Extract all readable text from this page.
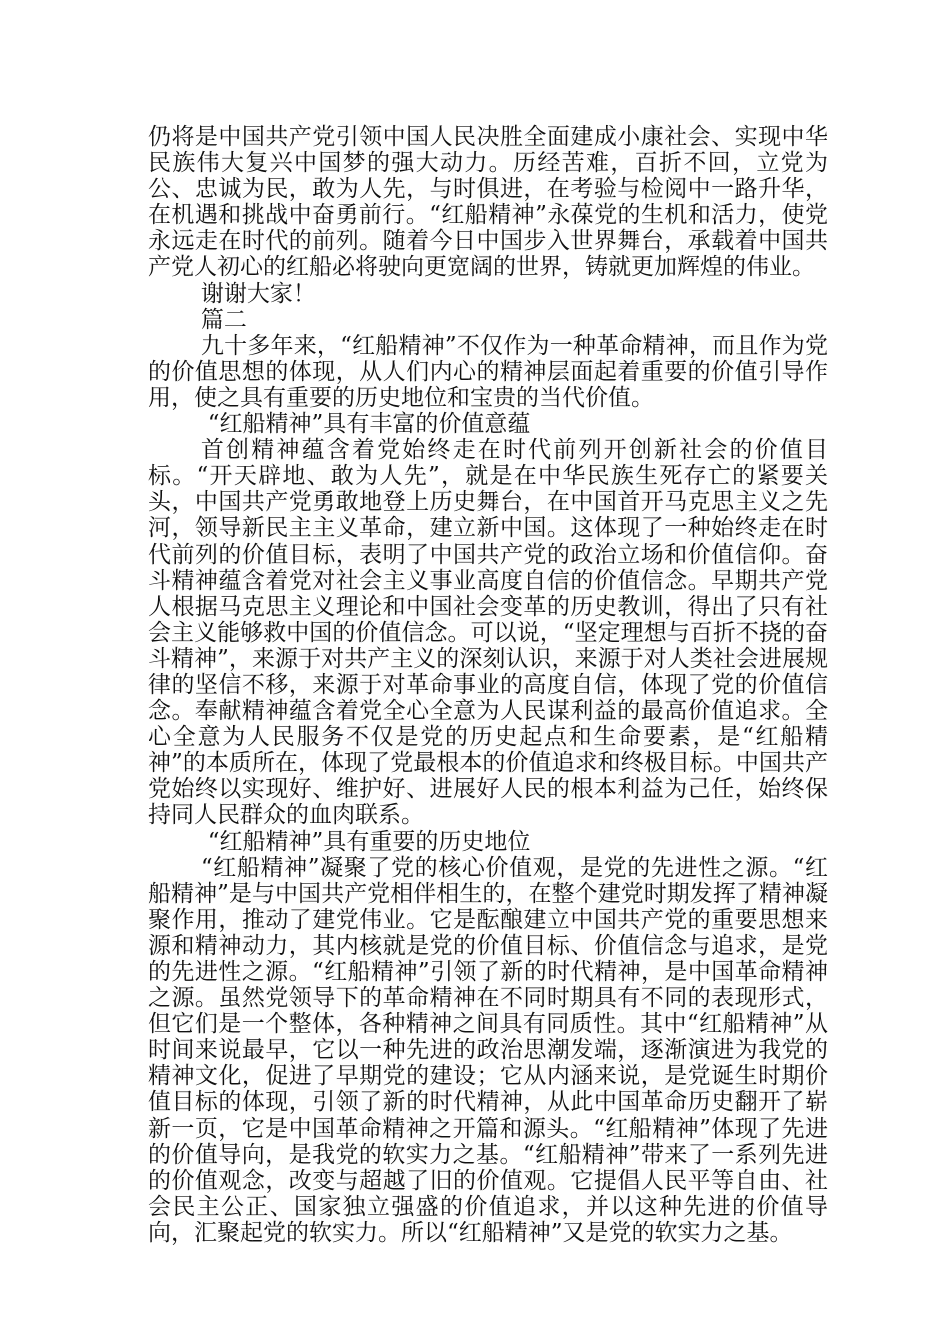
仍将是中国共产党引领中国人民决胜全面建成小康社会、实现中华民族伟大复兴中国梦的强大动力。历经苦难，百折不回，立党为公、忠诚为民，敢为人先，与时俱进，在考验与检阅中一路升华，在机遇和挑战中奋勇前行。“红船精神”永葆党的生机和活力，使党永远走在时代的前列。随着今日中国步入世界舞台，承载着中国共产党人初心的红船必将驶向更宽阔的世界，铸就更加辉煌的伟业。

谢谢大家！

篇二

九十多年来，“红船精神”不仅作为一种革命精神，而且作为党的价值思想的体现，从人们内心的精神层面起着重要的价值引导作用，使之具有重要的历史地位和宝贵的当代价值。

“红船精神”具有丰富的价值意蕴

首创精神蕴含着党始终走在时代前列开创新社会的价值目标。“开天辟地、敢为人先”，就是在中华民族生死存亡的紧要关头，中国共产党勇敢地登上历史舞台，在中国首开马克思主义之先河，领导新民主主义革命，建立新中国。这体现了一种始终走在时代前列的价值目标，表明了中国共产党的政治立场和价值信仰。奋斗精神蕴含着党对社会主义事业高度自信的价值信念。早期共产党人根据马克思主义理论和中国社会变革的历史教训，得出了只有社会主义能够救中国的价值信念。可以说，“坚定理想与百折不挠的奋斗精神”，来源于对共产主义的深刻认识，来源于对人类社会进展规律的坚信不移，来源于对革命事业的高度自信，体现了党的价值信念。奉献精神蕴含着党全心全意为人民谋利益的最高价值追求。全心全意为人民服务不仅是党的历史起点和生命要素，是“红船精神”的本质所在，体现了党最根本的价值追求和终极目标。中国共产党始终以实现好、维护好、进展好人民的根本利益为己任，始终保持同人民群众的血肉联系。

“红船精神”具有重要的历史地位

“红船精神”凝聚了党的核心价值观，是党的先进性之源。“红船精神”是与中国共产党相伴相生的，在整个建党时期发挥了精神凝聚作用，推动了建党伟业。它是酝酿建立中国共产党的重要思想来源和精神动力，其内核就是党的价值目标、价值信念与追求，是党的先进性之源。“红船精神”引领了新的时代精神，是中国革命精神之源。虽然党领导下的革命精神在不同时期具有不同的表现形式，但它们是一个整体，各种精神之间具有同质性。其中“红船精神”从时间来说最早，它以一种先进的政治思潮发端，逐渐演进为我党的精神文化，促进了早期党的建设；它从内涵来说，是党诞生时期价值目标的体现，引领了新的时代精神，从此中国革命历史翻开了崭新一页，它是中国革命精神之开篇和源头。“红船精神”体现了先进的价值导向，是我党的软实力之基。“红船精神”带来了一系列先进的价值观念，改变与超越了旧的价值观。它提倡人民平等自由、社会民主公正、国家独立强盛的价值追求，并以这种先进的价值导向，汇聚起党的软实力。所以“红船精神”又是党的软实力之基。
